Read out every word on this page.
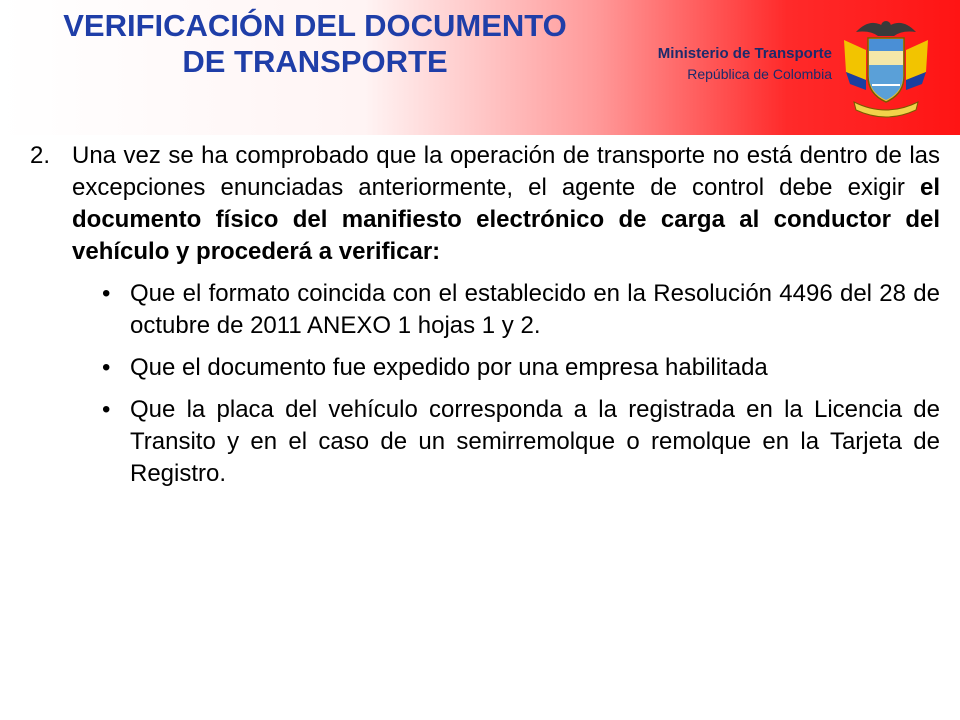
VERIFICACIÓN DEL DOCUMENTO
DE TRANSPORTE	Ministerio de Transporte
República de Colombia
2. Una vez se ha comprobado que la operación de transporte no está dentro de las excepciones enunciadas anteriormente, el agente de control debe exigir el documento físico del manifiesto electrónico de carga al conductor del vehículo y procederá a verificar:

• Que el formato coincida con el establecido en la Resolución 4496 del 28 de octubre de 2011 ANEXO 1 hojas 1 y 2.
• Que el documento fue expedido por una empresa habilitada
• Que la placa del vehículo corresponda a la registrada en la Licencia de Transito y en el caso de un semirremolque o remolque en la Tarjeta de Registro.
